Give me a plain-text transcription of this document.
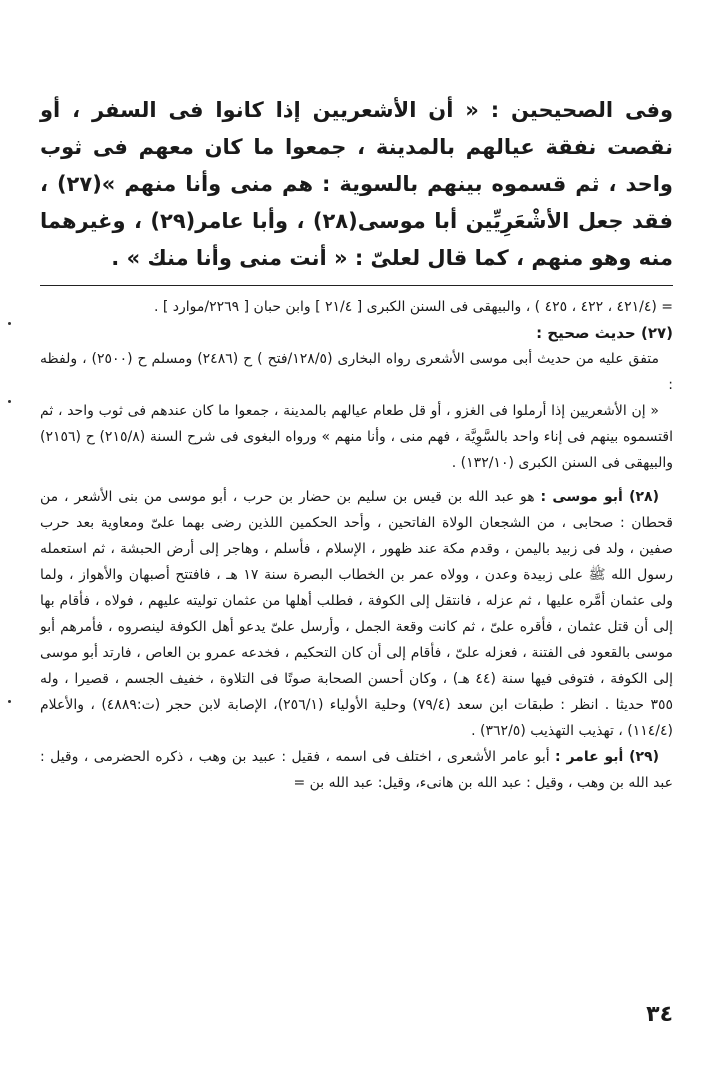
وفى الصحيحين : « أن الأشعريين إذا كانوا فى السفر ، أو نقصت نفقة عيالهم بالمدينة ، جمعوا ما كان معهم فى ثوب واحد ، ثم قسموه بينهم بالسوية : هم منى وأنا منهم »(٢٧) ، فقد جعل الأشْعَرِيِّين أبا موسى(٢٨) ، وأبا عامر(٢٩) ، وغيرهما منه وهو منهم ، كما قال لعلىّ : « أنت منى وأنا منك » .

= (٤٢١/٤ ، ٤٢٢ ، ٤٢٥ ) ، والبيهقى فى السنن الكبرى [ ٢١/٤ ] وابن حبان [ ٢٢٦٩/موارد ] .

(٢٧) حديث صحيح :

متفق عليه من حديث أبى موسى الأشعرى رواه البخارى (١٢٨/٥/فتح ) ح (٢٤٨٦) ومسلم ح (٢٥٠٠) ، ولفظه :

« إن الأشعريين إذا أرملوا فى الغزو ، أو قل طعام عيالهم بالمدينة ، جمعوا ما كان عندهم فى ثوب واحد ، ثم اقتسموه بينهم فى إناء واحد بالسَّوِيَّة ، فهم منى ، وأنا منهم » ورواه البغوى فى شرح السنة (٢١٥/٨) ح (٢١٥٦) والبيهقى فى السنن الكبرى (١٣٢/١٠) .

(٢٨) أبو موسى : هو عبد الله بن قيس بن سليم بن حضار بن حرب ، أبو موسى من بنى الأشعر ، من قحطان : صحابى ، من الشجعان الولاة الفاتحين ، وأحد الحكمين اللذين رضى بهما علىّ ومعاوية بعد حرب صفين ، ولد فى زبيد باليمن ، وقدم مكة عند ظهور ، الإسلام ، فأسلم ، وهاجر إلى أرض الحبشة ، ثم استعمله رسول الله ﷺ على زبيدة وعدن ، وولاه عمر بن الخطاب البصرة سنة ١٧ هـ ، فافتتح أصبهان والأهواز ، ولما ولى عثمان أمَّره عليها ، ثم عزله ، فانتقل إلى الكوفة ، فطلب أهلها من عثمان توليته عليهم ، فولاه ، فأقام بها إلى أن قتل عثمان ، فأقره علىّ ، ثم كانت وقعة الجمل ، وأرسل علىّ يدعو أهل الكوفة لينصروه ، فأمرهم أبو موسى بالقعود فى الفتنة ، فعزله علىّ ، فأقام إلى أن كان التحكيم ، فخدعه عمرو بن العاص ، فارتد أبو موسى إلى الكوفة ، فتوفى فيها سنة (٤٤ هـ) ، وكان أحسن الصحابة صوتًا فى التلاوة ، خفيف الجسم ، قصيرا ، وله ٣٥٥ حديثا . انظر : طبقات ابن سعد (٧٩/٤) وحلية الأولياء (٢٥٦/١)، الإصابة لابن حجر (ت:٤٨٨٩) ، والأعلام (١١٤/٤) ، تهذيب التهذيب (٣٦٢/٥) .

(٢٩) أبو عامر : أبو عامر الأشعرى ، اختلف فى اسمه ، فقيل : عبيد بن وهب ، ذكره الحضرمى ، وقيل : عبد الله بن وهب ، وقيل : عبد الله بن هانىء، وقيل: عبد الله بن =

٣٤
